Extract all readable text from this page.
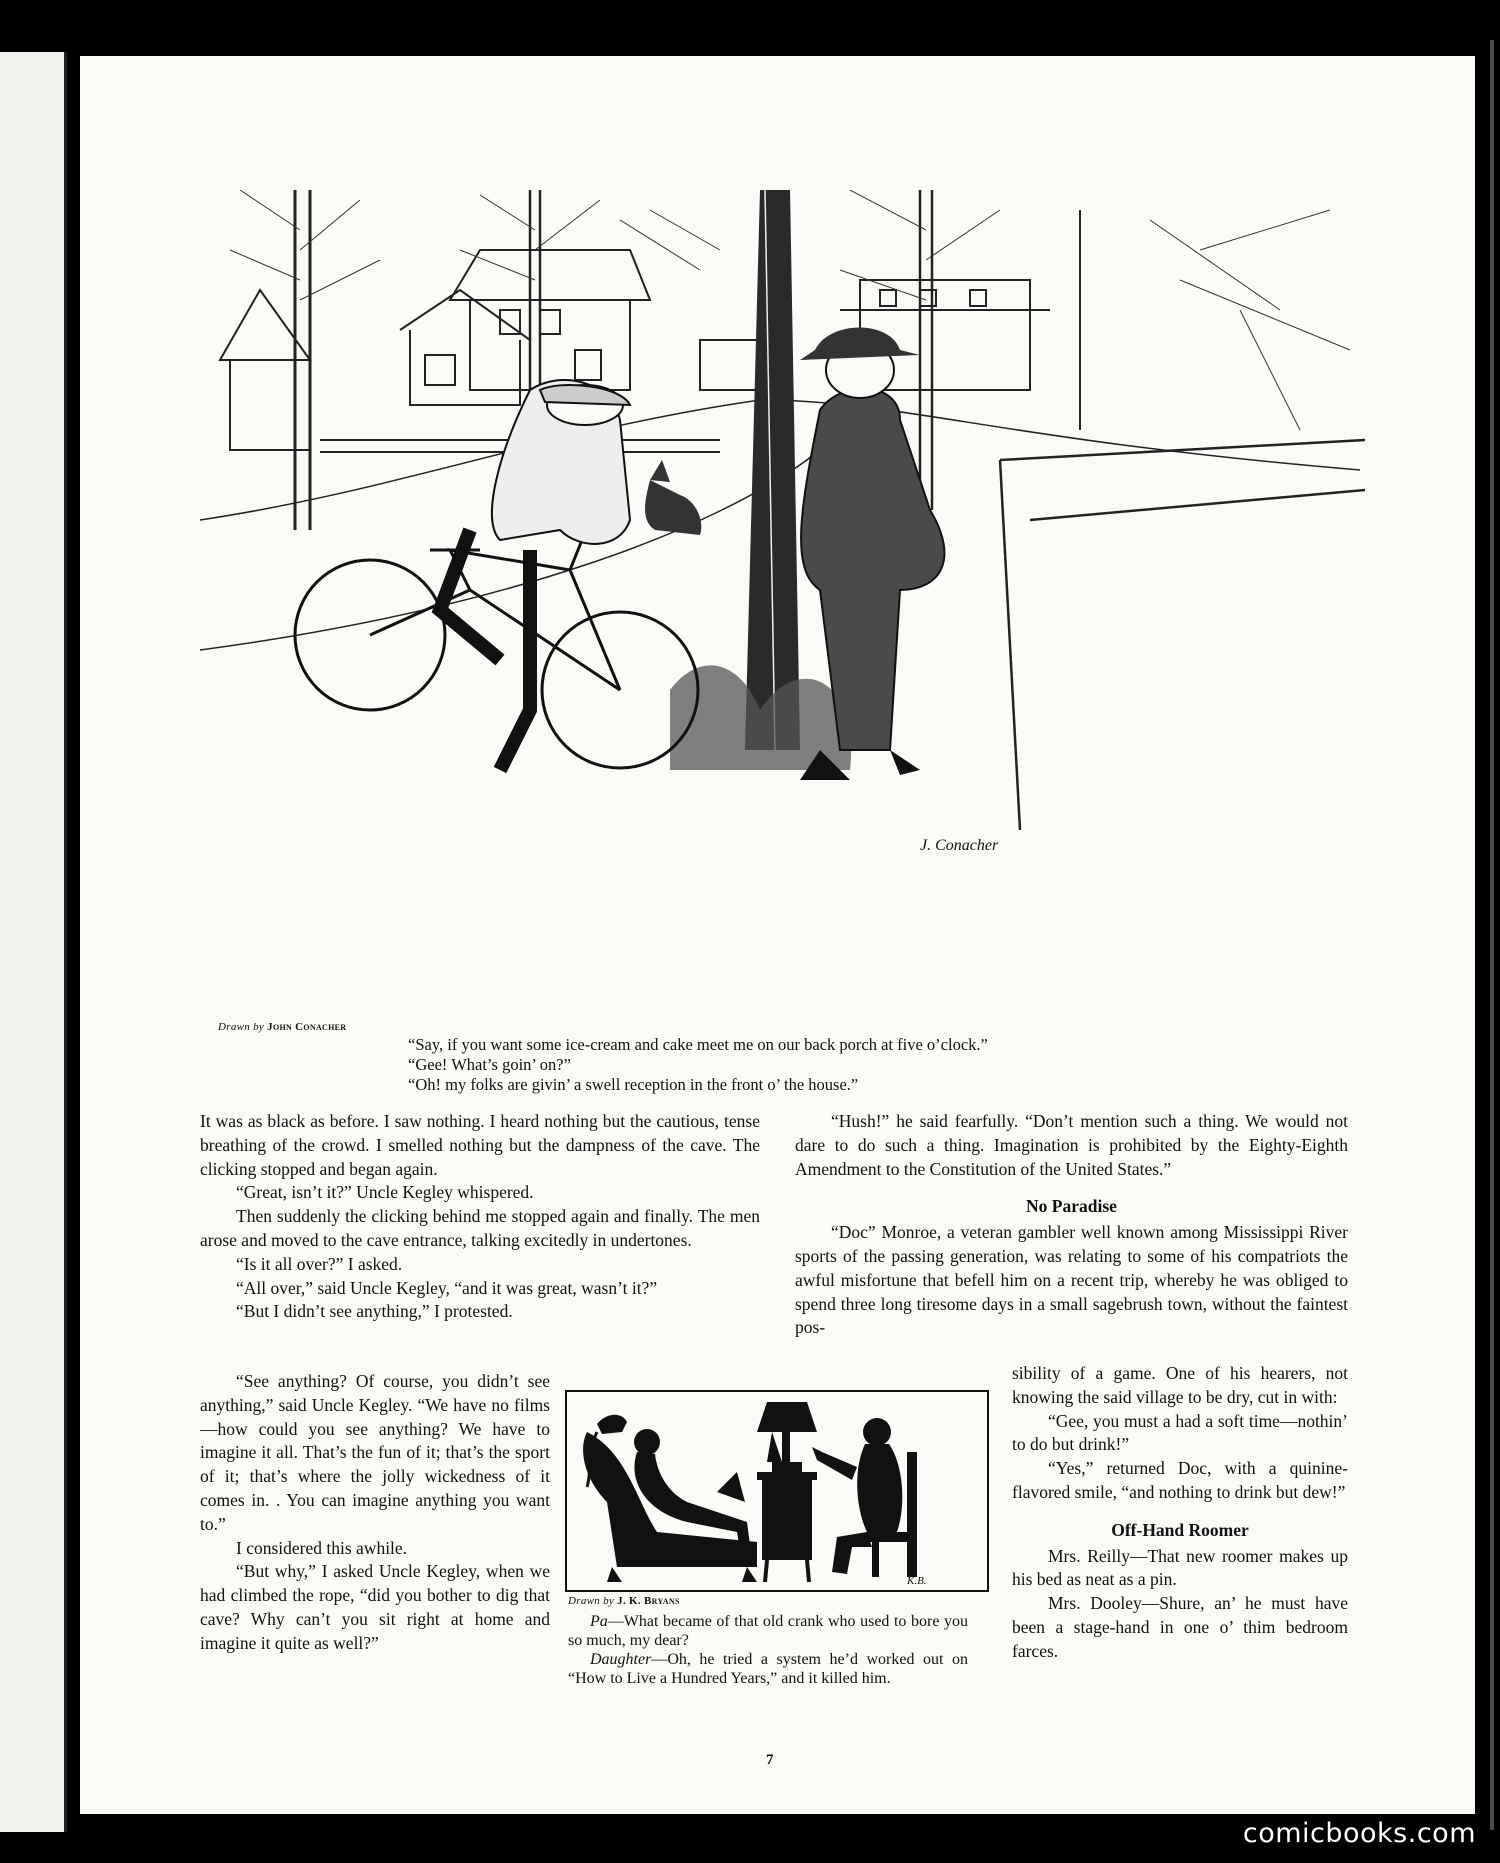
J. Conacher
Drawn by John Conacher
“Say, if you want some ice-cream and cake meet me on our back porch at five o’clock.”
“Gee! What’s goin’ on?”
“Oh! my folks are givin’ a swell reception in the front o’ the house.”

It was as black as before. I saw nothing. I heard nothing but the cautious, tense breathing of the crowd. I smelled nothing but the dampness of the cave. The clicking stopped and began again.

“Great, isn’t it?” Uncle Kegley whispered.

Then suddenly the clicking behind me stopped again and finally. The men arose and moved to the cave entrance, talking excitedly in undertones.

“Is it all over?” I asked.

“All over,” said Uncle Kegley, “and it was great, wasn’t it?”

“But I didn’t see anything,” I protested.

“See anything? Of course, you didn’t see anything,” said Uncle Kegley. “We have no films—how could you see anything? We have to imagine it all. That’s the fun of it; that’s the sport of it; that’s where the jolly wickedness of it comes in. . You can imagine anything you want to.”

I considered this awhile.

“But why,” I asked Uncle Kegley, when we had climbed the rope, “did you bother to dig that cave? Why can’t you sit right at home and imagine it quite as well?”

K.B.
Drawn by J. K. Bryans

Pa—What became of that old crank who used to bore you so much, my dear?

Daughter—Oh, he tried a system he’d worked out on “How to Live a Hundred Years,” and it killed him.

“Hush!” he said fearfully. “Don’t mention such a thing. We would not dare to do such a thing. Imagination is prohibited by the Eighty-Eighth Amendment to the Constitution of the United States.”

No Paradise

“Doc” Monroe, a veteran gambler well known among Mississippi River sports of the passing generation, was relating to some of his compatriots the awful misfortune that befell him on a recent trip, whereby he was obliged to spend three long tiresome days in a small sagebrush town, without the faintest pos-

sibility of a game. One of his hearers, not knowing the said village to be dry, cut in with:

“Gee, you must a had a soft time—nothin’ to do but drink!”

“Yes,” returned Doc, with a quinine-flavored smile, “and nothing to drink but dew!”

Off-Hand Roomer

Mrs. Reilly—That new roomer makes up his bed as neat as a pin.

Mrs. Dooley—Shure, an’ he must have been a stage-hand in one o’ thim bedroom farces.

7
comicbooks.com
